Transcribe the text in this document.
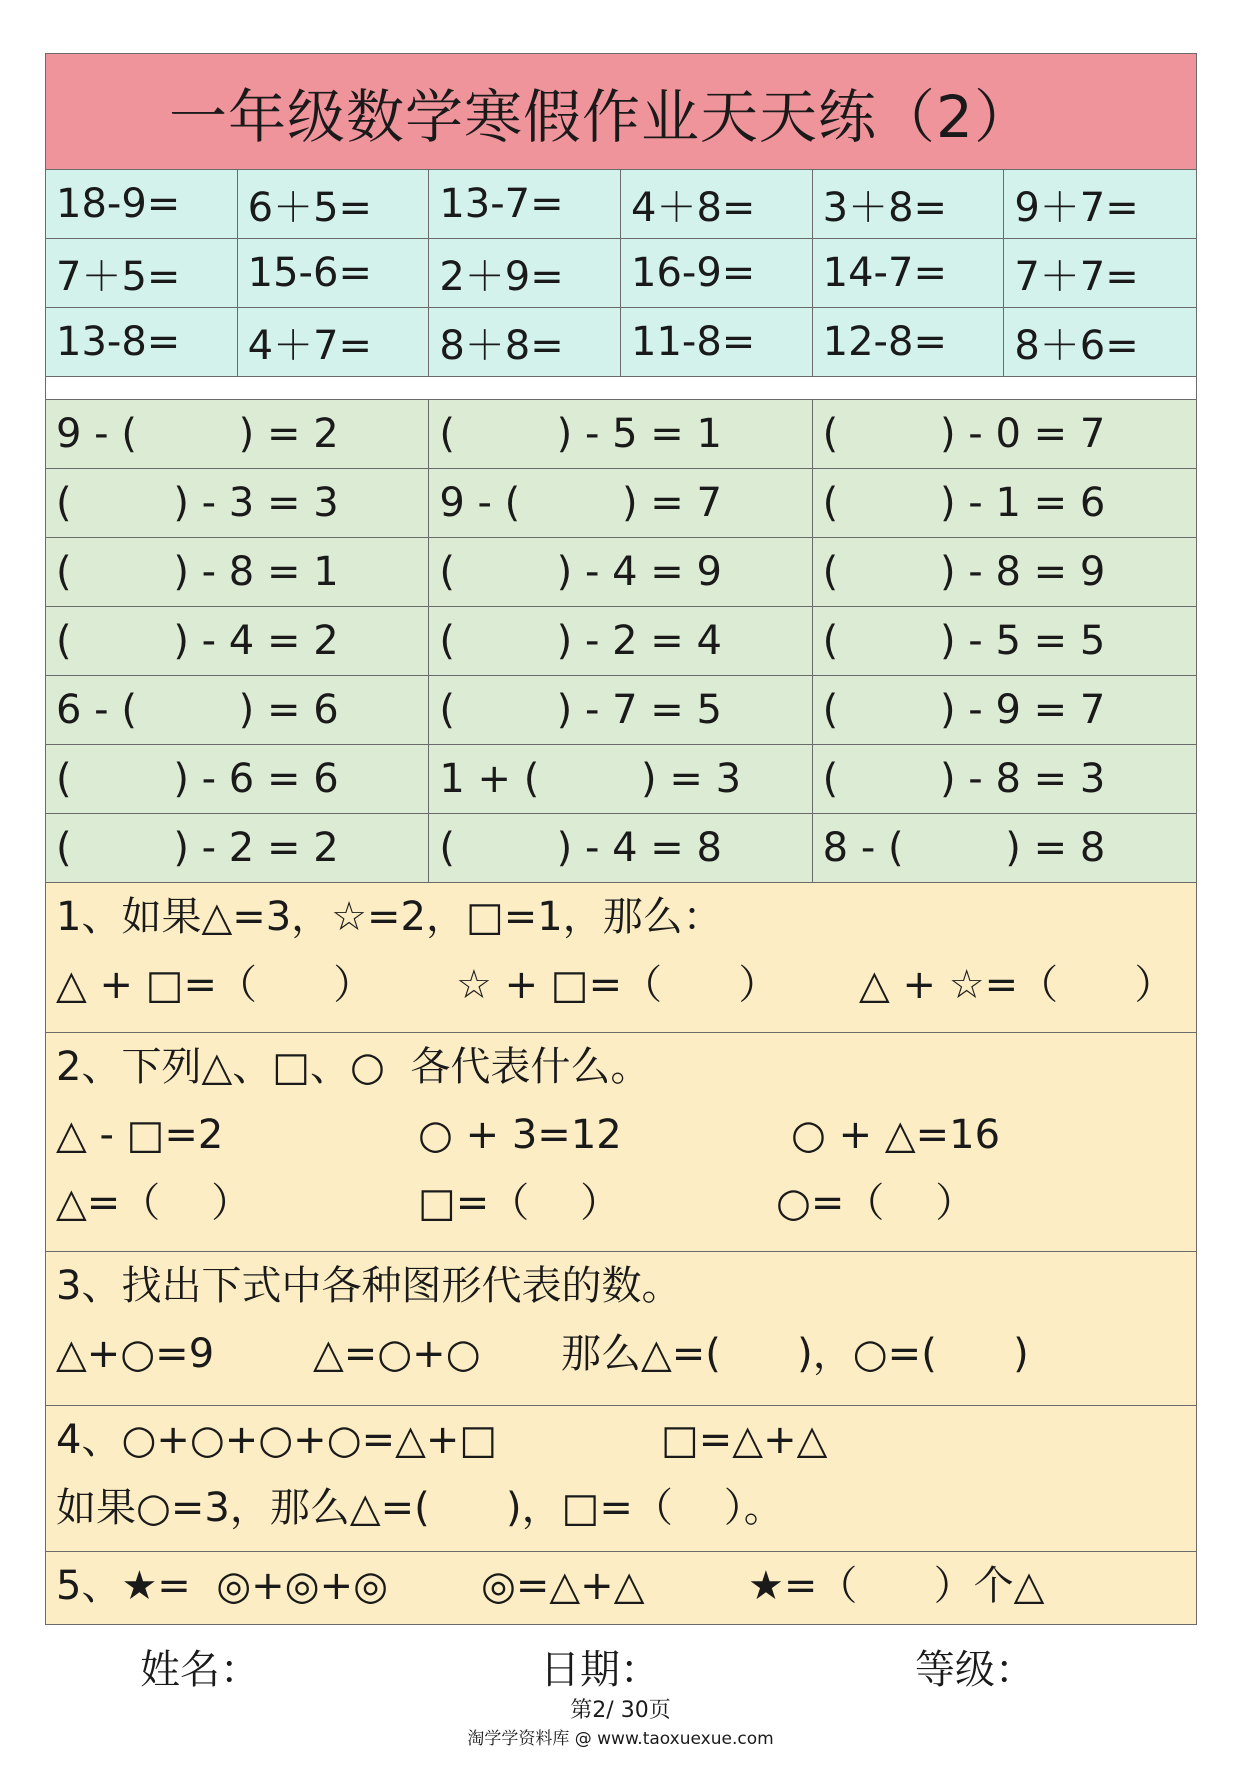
一年级数学寒假作业天天练（2）
18-9=	6＋5=	13-7=	4＋8=	3＋8=	9＋7=
7＋5=	15-6=	2＋9=	16-9=	14-7=	7＋7=
13-8=	4＋7=	8＋8=	11-8=	12-8=	8＋6=
9 - (        ) = 2	(        ) - 5 = 1	(        ) - 0 = 7
(        ) - 3 = 3	9 - (        ) = 7	(        ) - 1 = 6
(        ) - 8 = 1	(        ) - 4 = 9	(        ) - 8 = 9
(        ) - 4 = 2	(        ) - 2 = 4	(        ) - 5 = 5
6 - (        ) = 6	(        ) - 7 = 5	(        ) - 9 = 7
(        ) - 6 = 6	1 + (        ) = 3	(        ) - 8 = 3
(        ) - 2 = 2	(        ) - 4 = 8	8 - (        ) = 8

1、如果△=3，☆=2，□=1，那么：

△ + □=（      ）

☆ + □=（      ）

△ + ☆=（      ）

2、下列△、□、○  各代表什么。

△ - □=2

	○ + 3=12

	○ + △=16

△=（    ）

	□=（    ）

	○=（    ）

3、找出下式中各种图形代表的数。

△+○=9

△=○+○

那么△=(      )，○=(      )

4、○+○+○+○=△+□

	□=△+△

如果○=3，那么△=(      )，□=（    ）。

5、★=  ◎+◎+◎

◎=△+△

	★=（      ）个△

姓名：	日期：	等级：
第2/ 30页
淘学学资料库 @ www.taoxuexue.com
